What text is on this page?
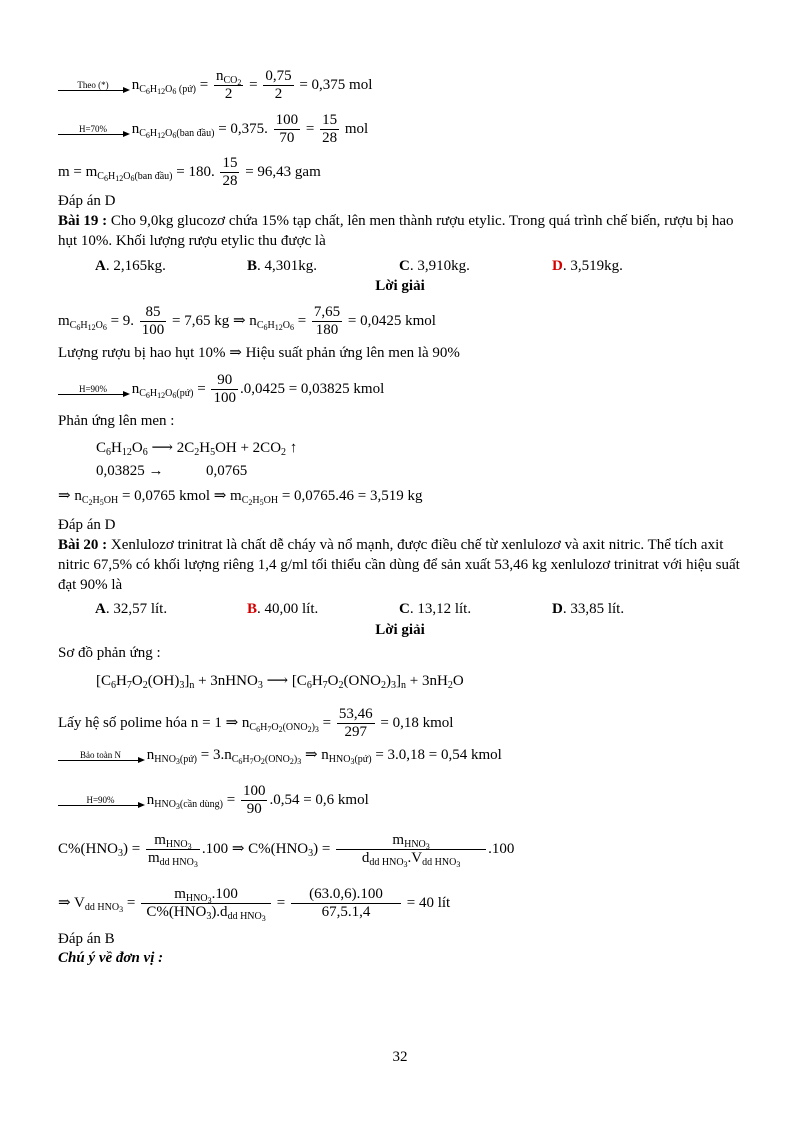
Theo (*)	$n_{C_6H_{12}O_6 (pứ)} = \frac{n_{CO_2}}{2} = \frac{0,75}{2} = 0,375$ mol
H=70%	$n_{C_6H_{12}O_6(ban đầu)} = 0,375$. $\frac{100}{70} = \frac{15}{28}$ mol
$m = m_{C_6H_{12}O_6(ban đầu)} = 180$. $\frac{15}{28} = 96,43$ gam
Đáp án D
Bài 19 : Cho 9,0kg glucozơ chứa 15% tạp chất, lên men thành rượu etylic. Trong quá trình chế biến, rượu bị hao hụt 10%. Khối lượng rượu etylic thu được là
A. 2,165kg.	B. 4,301kg.	C. 3,910kg.	D. 3,519kg.
Lời giải
$m_{C_6H_{12}O_6} = 9$. $\frac{85}{100} = 7,65$ kg ⇒ $n_{C_6H_{12}O_6} = \frac{7,65}{180} = 0,0425$ kmol
Lượng rượu bị hao hụt 10% ⇒ Hiệu suất phản ứng lên men là 90%
H=90%	$n_{C_6H_{12}O_6(pứ)} = \frac{90}{100} .0,0425 = 0,03825$ kmol
Phản ứng lên men :
$C_6H_{12}O_6$ ⟶ $2C_2H_5OH + 2CO_2$ ↑
0,03825 →	0,0765
⇒ $n_{C_2H_5OH} = 0,0765$ kmol ⇒ $m_{C_2H_5OH} = 0,0765.46 = 3,519$ kg
Đáp án D
Bài 20 : Xenlulozơ trinitrat là chất dễ cháy và nổ mạnh, được điều chế từ xenlulozơ và axit nitric. Thể tích axit nitric 67,5% có khối lượng riêng 1,4 g/ml tối thiểu cần dùng để sản xuất 53,46 kg xenlulozơ trinitrat với hiệu suất đạt 90% là
A. 32,57 lít.	B. 40,00 lít.	C. 13,12 lít.	D. 33,85 lít.
Lời giải
Sơ đồ phản ứng :
$[C_6H_7O_2(OH)_3]_n$ + 3nHNO$_3$ ⟶ $[C_6H_7O_2(ONO_2)_3]_n + 3nH_2O$
Lấy hệ số polime hóa n = 1 ⇒ $n_{C_6H_7O_2(ONO_2)_3} = \frac{53,46}{297} = 0,18$ kmol
Bảo toàn N	$n_{HNO_3(pứ)} = 3.n_{C_6H_7O_2(ONO_2)_3}$ ⇒ $n_{HNO_3(pứ)} = 3.0,18 = 0,54$ kmol
H=90%	$n_{HNO_3(cần dùng)} = \frac{100}{90} .0,54 = 0,6$ kmol
$C\%(HNO_3) = \frac{m_{HNO_3}}{m_{dd HNO_3}} .100$ ⇒ $C\%(HNO_3) = \frac{m_{HNO_3}}{d_{dd HNO_3}.V_{dd HNO_3}} .100$
⇒ $V_{dd HNO_3} = \frac{m_{HNO_3}.100}{C\%(HNO_3).d_{dd HNO_3}} = \frac{(63.0,6).100}{67,5.1,4} = 40$ lít
Đáp án B
Chú ý về đơn vị :
32
